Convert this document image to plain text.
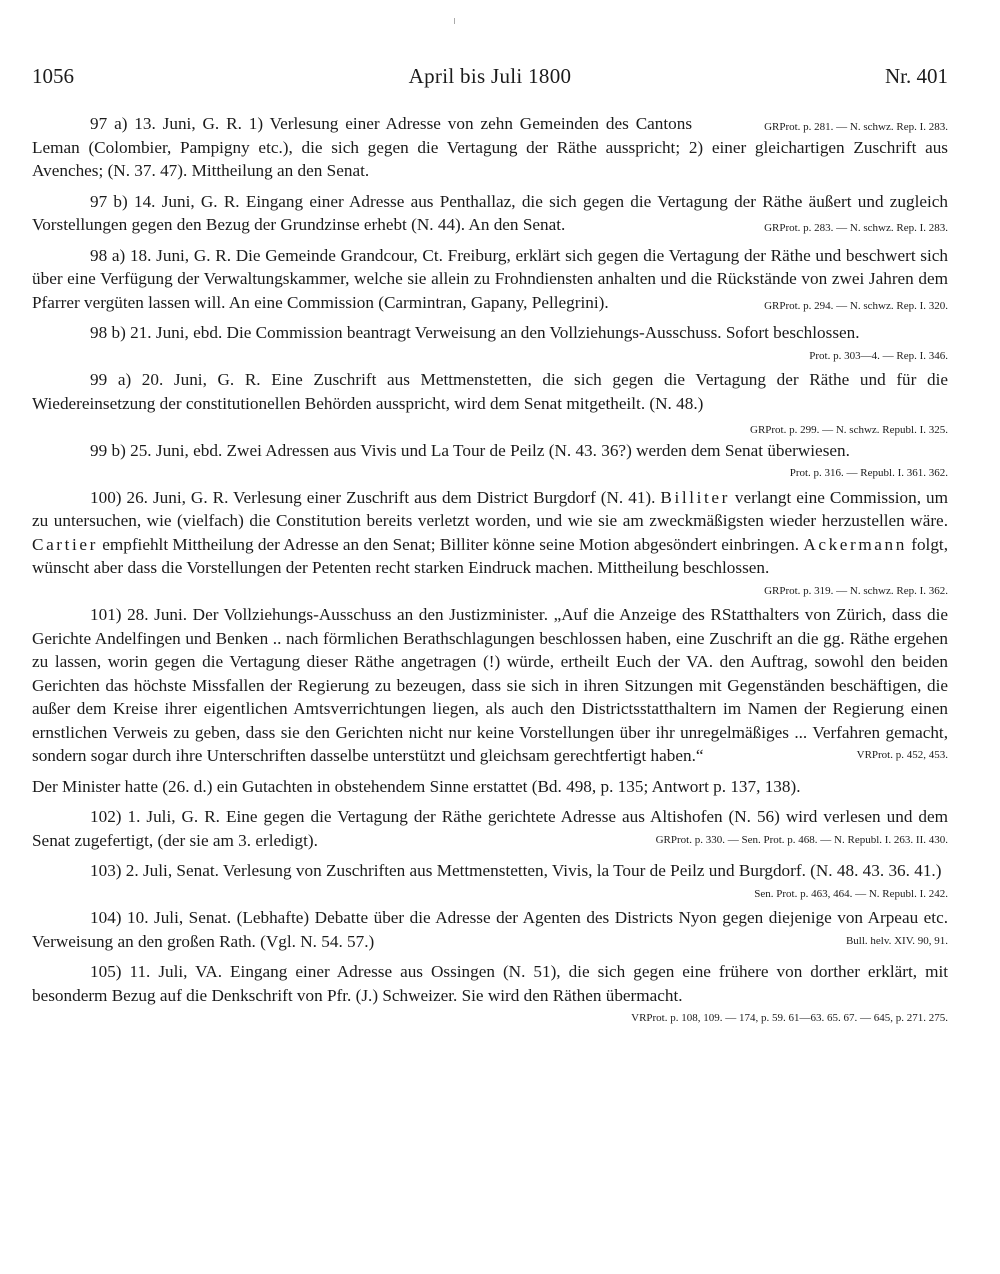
1056	April bis Juli 1800	Nr. 401

GRProt. p. 281. — N. schwz. Rep. I. 283.
97 a) 13. Juni, G. R. 1) Verlesung einer Adresse von zehn Gemeinden des Cantons Leman (Colombier, Pampigny etc.), die sich gegen die Vertagung der Räthe ausspricht; 2) einer gleichartigen Zuschrift aus Avenches; (N. 37. 47). Mittheilung an den Senat.

97 b) 14. Juni, G. R. Eingang einer Adresse aus Penthallaz, die sich gegen die Vertagung der Räthe äußert und zugleich Vorstellungen gegen den Bezug der Grundzinse erhebt (N. 44). An den Senat.	GRProt. p. 283. — N. schwz. Rep. I. 283.

98 a) 18. Juni, G. R. Die Gemeinde Grandcour, Ct. Freiburg, erklärt sich gegen die Vertagung der Räthe und beschwert sich über eine Verfügung der Verwaltungskammer, welche sie allein zu Frohndiensten anhalten und die Rückstände von zwei Jahren dem Pfarrer vergüten lassen will. An eine Commission (Carmintran, Gapany, Pellegrini).	GRProt. p. 294. — N. schwz. Rep. I. 320.

98 b) 21. Juni, ebd. Die Commission beantragt Verweisung an den Vollziehungs-Ausschuss. Sofort beschlossen.
Prot. p. 303—4. — Rep. I. 346.

99 a) 20. Juni, G. R. Eine Zuschrift aus Mettmenstetten, die sich gegen die Vertagung der Räthe und für die Wiedereinsetzung der constitutionellen Behörden ausspricht, wird dem Senat mitgetheilt. (N. 48.)
GRProt. p. 299. — N. schwz. Republ. I. 325.

99 b) 25. Juni, ebd. Zwei Adressen aus Vivis und La Tour de Peilz (N. 43. 36?) werden dem Senat überwiesen.
Prot. p. 316. — Republ. I. 361. 362.

100) 26. Juni, G. R. Verlesung einer Zuschrift aus dem District Burgdorf (N. 41). Billiter verlangt eine Commission, um zu untersuchen, wie (vielfach) die Constitution bereits verletzt worden, und wie sie am zweckmäßigsten wieder herzustellen wäre. Cartier empfiehlt Mittheilung der Adresse an den Senat; Billiter könne seine Motion abgesöndert einbringen. Ackermann folgt, wünscht aber dass die Vorstellungen der Petenten recht starken Eindruck machen. Mittheilung beschlossen.
GRProt. p. 319. — N. schwz. Rep. I. 362.

101) 28. Juni. Der Vollziehungs-Ausschuss an den Justizminister. „Auf die Anzeige des RStatthalters von Zürich, dass die Gerichte Andelfingen und Benken .. nach förmlichen Berathschlagungen beschlossen haben, eine Zuschrift an die gg. Räthe ergehen zu lassen, worin gegen die Vertagung dieser Räthe angetragen (!) würde, ertheilt Euch der VA. den Auftrag, sowohl den beiden Gerichten das höchste Missfallen der Regierung zu bezeugen, dass sie sich in ihren Sitzungen mit Gegenständen beschäftigen, die außer dem Kreise ihrer eigentlichen Amtsverrichtungen liegen, als auch den Districtsstatthaltern im Namen der Regierung einen ernstlichen Verweis zu geben, dass sie den Gerichten nicht nur keine Vorstellungen über ihr unregelmäßiges ... Verfahren gemacht, sondern sogar durch ihre Unterschriften dasselbe unterstützt und gleichsam gerechtfertigt haben.“	VRProt. p. 452, 453.

Der Minister hatte (26. d.) ein Gutachten in obstehendem Sinne erstattet (Bd. 498, p. 135; Antwort p. 137, 138).

102) 1. Juli, G. R. Eine gegen die Vertagung der Räthe gerichtete Adresse aus Altishofen (N. 56) wird verlesen und dem Senat zugefertigt, (der sie am 3. erledigt).	GRProt. p. 330. — Sen. Prot. p. 468. — N. Republ. I. 263. II. 430.

103) 2. Juli, Senat. Verlesung von Zuschriften aus Mettmenstetten, Vivis, la Tour de Peilz und Burgdorf. (N. 48. 43. 36. 41.)
Sen. Prot. p. 463, 464. — N. Republ. I. 242.

104) 10. Juli, Senat. (Lebhafte) Debatte über die Adresse der Agenten des Districts Nyon gegen diejenige von Arpeau etc. Verweisung an den großen Rath. (Vgl. N. 54. 57.)	Bull. helv. XIV. 90, 91.

105) 11. Juli, VA. Eingang einer Adresse aus Ossingen (N. 51), die sich gegen eine frühere von dorther erklärt, mit besonderm Bezug auf die Denkschrift von Pfr. (J.) Schweizer. Sie wird den Räthen übermacht.
VRProt. p. 108, 109. — 174, p. 59. 61—63. 65. 67. — 645, p. 271. 275.
